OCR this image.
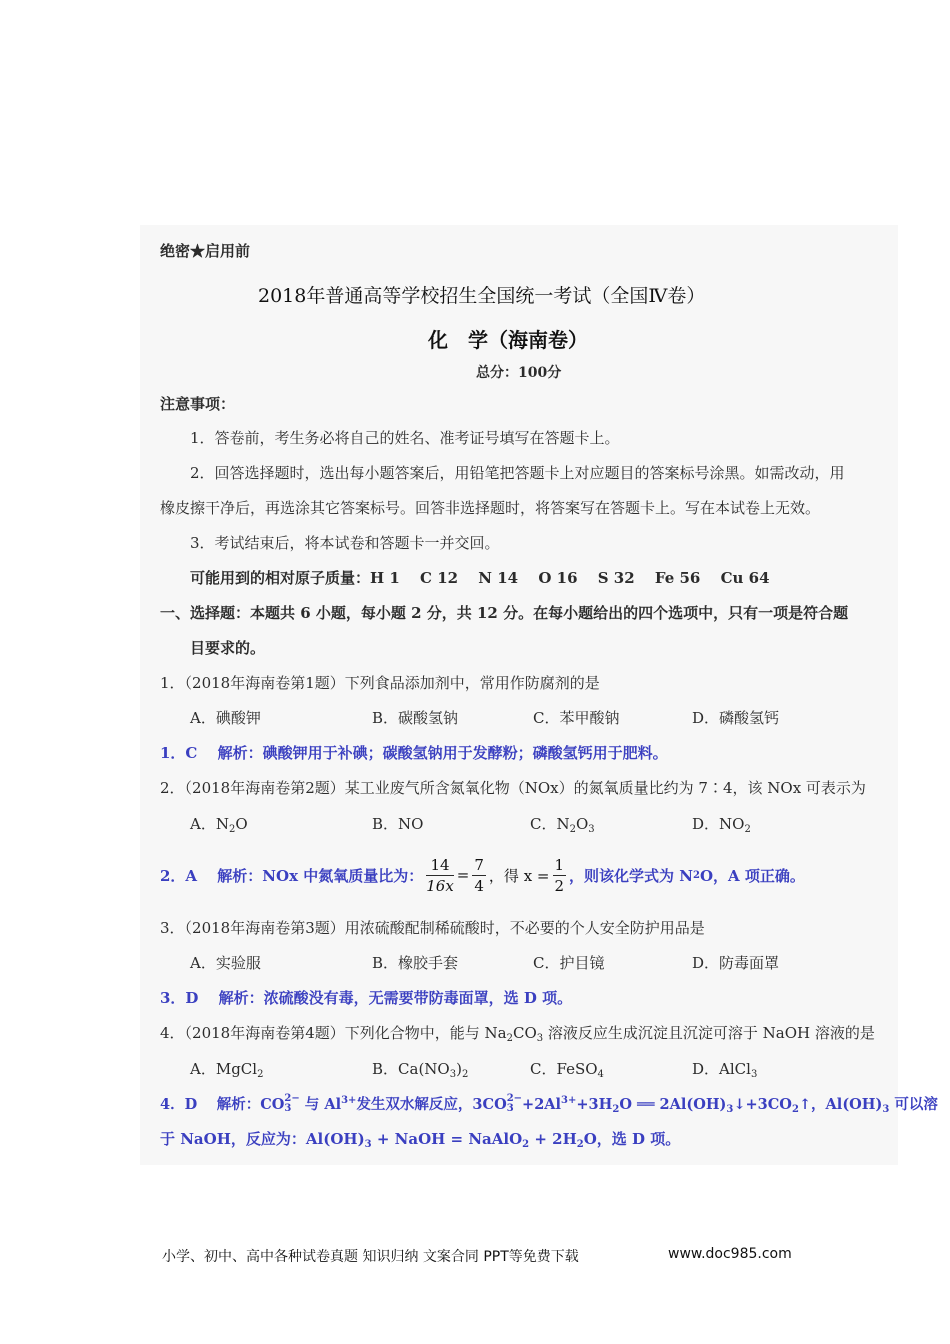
绝密★启用前
2018年普通高等学校招生全国统一考试（全国Ⅳ卷）
化　学（海南卷）
总分：100分
注意事项：
1．答卷前，考生务必将自己的姓名、准考证号填写在答题卡上。
2．回答选择题时，选出每小题答案后，用铅笔把答题卡上对应题目的答案标号涂黑。如需改动，用
橡皮擦干净后，再选涂其它答案标号。回答非选择题时，将答案写在答题卡上。写在本试卷上无效。
3．考试结束后，将本试卷和答题卡一并交回。
可能用到的相对原子质量：H 1　 C 12　 N 14　 O 16　 S 32　 Fe 56　 Cu 64
一、选择题：本题共 6 小题，每小题 2 分，共 12 分。在每小题给出的四个选项中，只有一项是符合题
目要求的。
1．（2018年海南卷第1题）下列食品添加剂中，常用作防腐剂的是
A．碘酸钾	B．碳酸氢钠	C．苯甲酸钠	D．磷酸氢钙
1．C　 解析：碘酸钾用于补碘；碳酸氢钠用于发酵粉；磷酸氢钙用于肥料。
2．（2018年海南卷第2题）某工业废气所含氮氧化物（NOx）的氮氧质量比约为 7∶4，该 NOx 可表示为
A．$N_2O$	B．NO	C．$N_2O_3$	D．$NO_2$
2．A　 解析：NOx 中氮氧质量比为： $\frac{14}{16x} = \frac{7}{4}$ ，得 $x = \frac{1}{2}$ ，则该化学式为 N 2 O，A 项正确。
3．（2018年海南卷第3题）用浓硫酸配制稀硫酸时，不必要的个人安全防护用品是
A．实验服	B．橡胶手套	C．护目镜	D．防毒面罩
3．D　 解析：浓硫酸没有毒，无需要带防毒面罩，选 D 项。
4．（2018年海南卷第4题）下列化合物中，能与 $Na_2CO_3$ 溶液反应生成沉淀且沉淀可溶于 NaOH 溶液的是
A．MgCl$_2$	B．$Ca(NO_3)_2$	C．FeSO$_4$	D．AlCl$_3$
4．D　 解析：CO 2−
3 与 $Al^{3+}$发生双水解反应，3CO 2−
$3 +2Al^{3+}+3H_2O$ ══ $2Al(OH)_3↓+3CO_2↑$，$Al(OH)_3$ 可以溶
于 NaOH，反应为：$Al(OH)_3$ + NaOH = NaAlO$_2$ + $2H_2O$，选 D 项。
小学、初中、高中各种试卷真题 知识归纳 文案合同 PPT等免费下载	www.doc985.com
